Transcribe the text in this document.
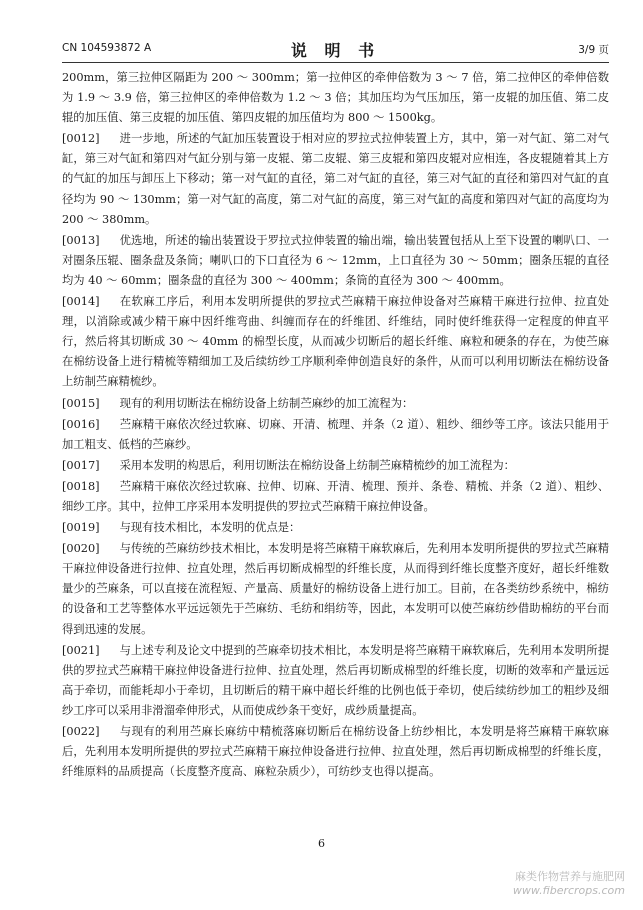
CN 104593872 A	说 明 书	3/9 页

200mm，第三拉伸区隔距为 200 ～ 300mm；第一拉伸区的牵伸倍数为 3 ～ 7 倍，第二拉伸区的牵伸倍数为 1.9 ～ 3.9 倍，第三拉伸区的牵伸倍数为 1.2 ～ 3 倍；其加压均为气压加压，第一皮辊的加压值、第二皮辊的加压值、第三皮辊的加压值、第四皮辊的加压值均为 800 ～ 1500kg。

[0012] 进一步地，所述的气缸加压装置设于相对应的罗拉式拉伸装置上方，其中，第一对气缸、第二对气缸，第三对气缸和第四对气缸分别与第一皮辊、第二皮辊、第三皮辊和第四皮辊对应相连，各皮辊随着其上方的气缸的加压与卸压上下移动；第一对气缸的直径，第二对气缸的直径，第三对气缸的直径和第四对气缸的直径均为 90 ～ 130mm；第一对气缸的高度，第二对气缸的高度，第三对气缸的高度和第四对气缸的高度均为 200 ～ 380mm。

[0013] 优选地，所述的输出装置设于罗拉式拉伸装置的输出端，输出装置包括从上至下设置的喇叭口、一对圈条压辊、圈条盘及条筒；喇叭口的下口直径为 6 ～ 12mm，上口直径为 30 ～ 50mm；圈条压辊的直径均为 40 ～ 60mm；圈条盘的直径为 300 ～ 400mm；条筒的直径为 300 ～ 400mm。

[0014] 在软麻工序后，利用本发明所提供的罗拉式苎麻精干麻拉伸设备对苎麻精干麻进行拉伸、拉直处理，以消除或减少精干麻中因纤维弯曲、纠缠而存在的纤维团、纤维结，同时使纤维获得一定程度的伸直平行，然后将其切断成 30 ～ 40mm 的棉型长度，从而减少切断后的超长纤维、麻粒和硬条的存在，为使苎麻在棉纺设备上进行精梳等精细加工及后续纺纱工序顺利牵伸创造良好的条件，从而可以利用切断法在棉纺设备上纺制苎麻精梳纱。

[0015] 现有的利用切断法在棉纺设备上纺制苎麻纱的加工流程为：

[0016] 苎麻精干麻依次经过软麻、切麻、开清、梳理、并条（2 道）、粗纱、细纱等工序。该法只能用于加工粗支、低档的苎麻纱。

[0017] 采用本发明的构思后，利用切断法在棉纺设备上纺制苎麻精梳纱的加工流程为：

[0018] 苎麻精干麻依次经过软麻、拉伸、切麻、开清、梳理、预并、条卷、精梳、并条（2 道）、粗纱、细纱工序。其中，拉伸工序采用本发明提供的罗拉式苎麻精干麻拉伸设备。

[0019] 与现有技术相比，本发明的优点是：

[0020] 与传统的苎麻纺纱技术相比，本发明是将苎麻精干麻软麻后，先利用本发明所提供的罗拉式苎麻精干麻拉伸设备进行拉伸、拉直处理，然后再切断成棉型的纤维长度，从而得到纤维长度整齐度好，超长纤维数量少的苎麻条，可以直接在流程短、产量高、质量好的棉纺设备上进行加工。目前，在各类纺纱系统中，棉纺的设备和工艺等整体水平远远领先于苎麻纺、毛纺和绢纺等，因此，本发明可以使苎麻纺纱借助棉纺的平台而得到迅速的发展。

[0021] 与上述专利及论文中提到的苎麻牵切技术相比，本发明是将苎麻精干麻软麻后，先利用本发明所提供的罗拉式苎麻精干麻拉伸设备进行拉伸、拉直处理，然后再切断成棉型的纤维长度，切断的效率和产量远远高于牵切，而能耗却小于牵切，且切断后的精干麻中超长纤维的比例也低于牵切，使后续纺纱加工的粗纱及细纱工序可以采用非滑溜牵伸形式，从而使成纱条干变好，成纱质量提高。

[0022] 与现有的利用苎麻长麻纺中精梳落麻切断后在棉纺设备上纺纱相比，本发明是将苎麻精干麻软麻后，先利用本发明所提供的罗拉式苎麻精干麻拉伸设备进行拉伸、拉直处理，然后再切断成棉型的纤维长度，纤维原料的品质提高（长度整齐度高、麻粒杂质少），可纺纱支也得以提高。

6
麻类作物营养与施肥网
www.fibercrops.com
